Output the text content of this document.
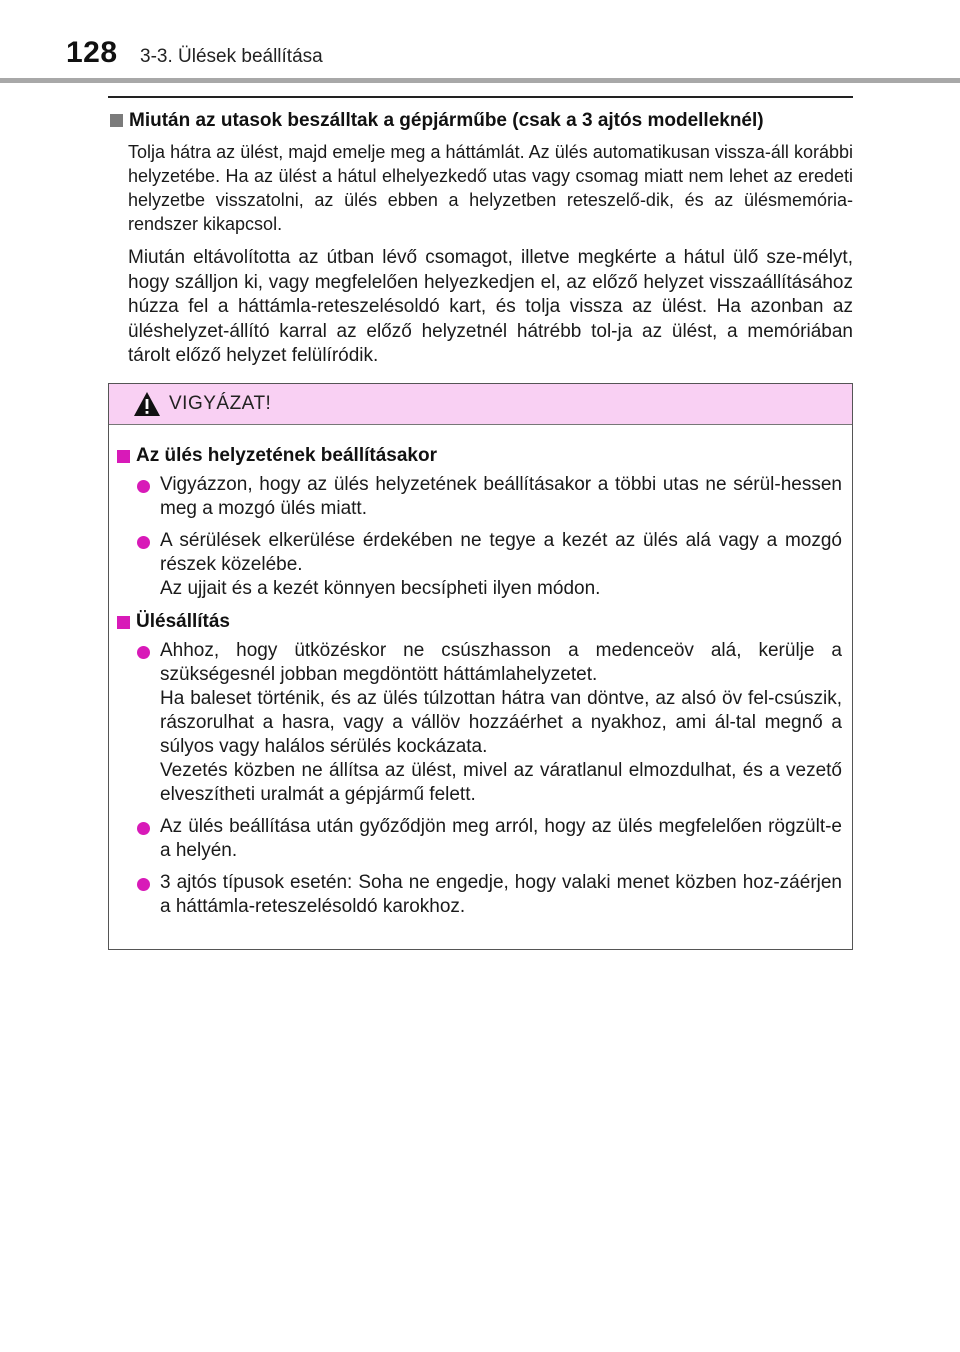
128 3-3. Ülések beállítása
Miután az utasok beszálltak a gépjárműbe (csak a 3 ajtós modelleknél)

Tolja hátra az ülést, majd emelje meg a háttámlát. Az ülés automatikusan vissza-áll korábbi helyzetébe. Ha az ülést a hátul elhelyezkedő utas vagy csomag miatt nem lehet az eredeti helyzetbe visszatolni, az ülés ebben a helyzetben reteszelő-dik, és az ülésmemória-rendszer kikapcsol.

Miután eltávolította az útban lévő csomagot, illetve megkérte a hátul ülő sze-mélyt, hogy szálljon ki, vagy megfelelően helyezkedjen el, az előző helyzet visszaállításához húzza fel a háttámla-reteszelésoldó kart, és tolja vissza az ülést. Ha azonban az üléshelyzet-állító karral az előző helyzetnél hátrébb tol-ja az ülést, a memóriában tárolt előző helyzet felülíródik.

VIGYÁZAT!
Az ülés helyzetének beállításakor
Vigyázzon, hogy az ülés helyzetének beállításakor a többi utas ne sérül-hessen meg a mozgó ülés miatt.
A sérülések elkerülése érdekében ne tegye a kezét az ülés alá vagy a mozgó részek közelébe.
Az ujjait és a kezét könnyen becsípheti ilyen módon.
Ülésállítás
Ahhoz, hogy ütközéskor ne csúszhasson a medenceöv alá, kerülje a szükségesnél jobban megdöntött háttámlahelyzetet.
Ha baleset történik, és az ülés túlzottan hátra van döntve, az alsó öv fel-csúszik, rászorulhat a hasra, vagy a vállöv hozzáérhet a nyakhoz, ami ál-tal megnő a súlyos vagy halálos sérülés kockázata.
Vezetés közben ne állítsa az ülést, mivel az váratlanul elmozdulhat, és a vezető elveszítheti uralmát a gépjármű felett.
Az ülés beállítása után győződjön meg arról, hogy az ülés megfelelően rögzült-e a helyén.
3 ajtós típusok esetén: Soha ne engedje, hogy valaki menet közben hoz-záérjen a háttámla-reteszelésoldó karokhoz.
